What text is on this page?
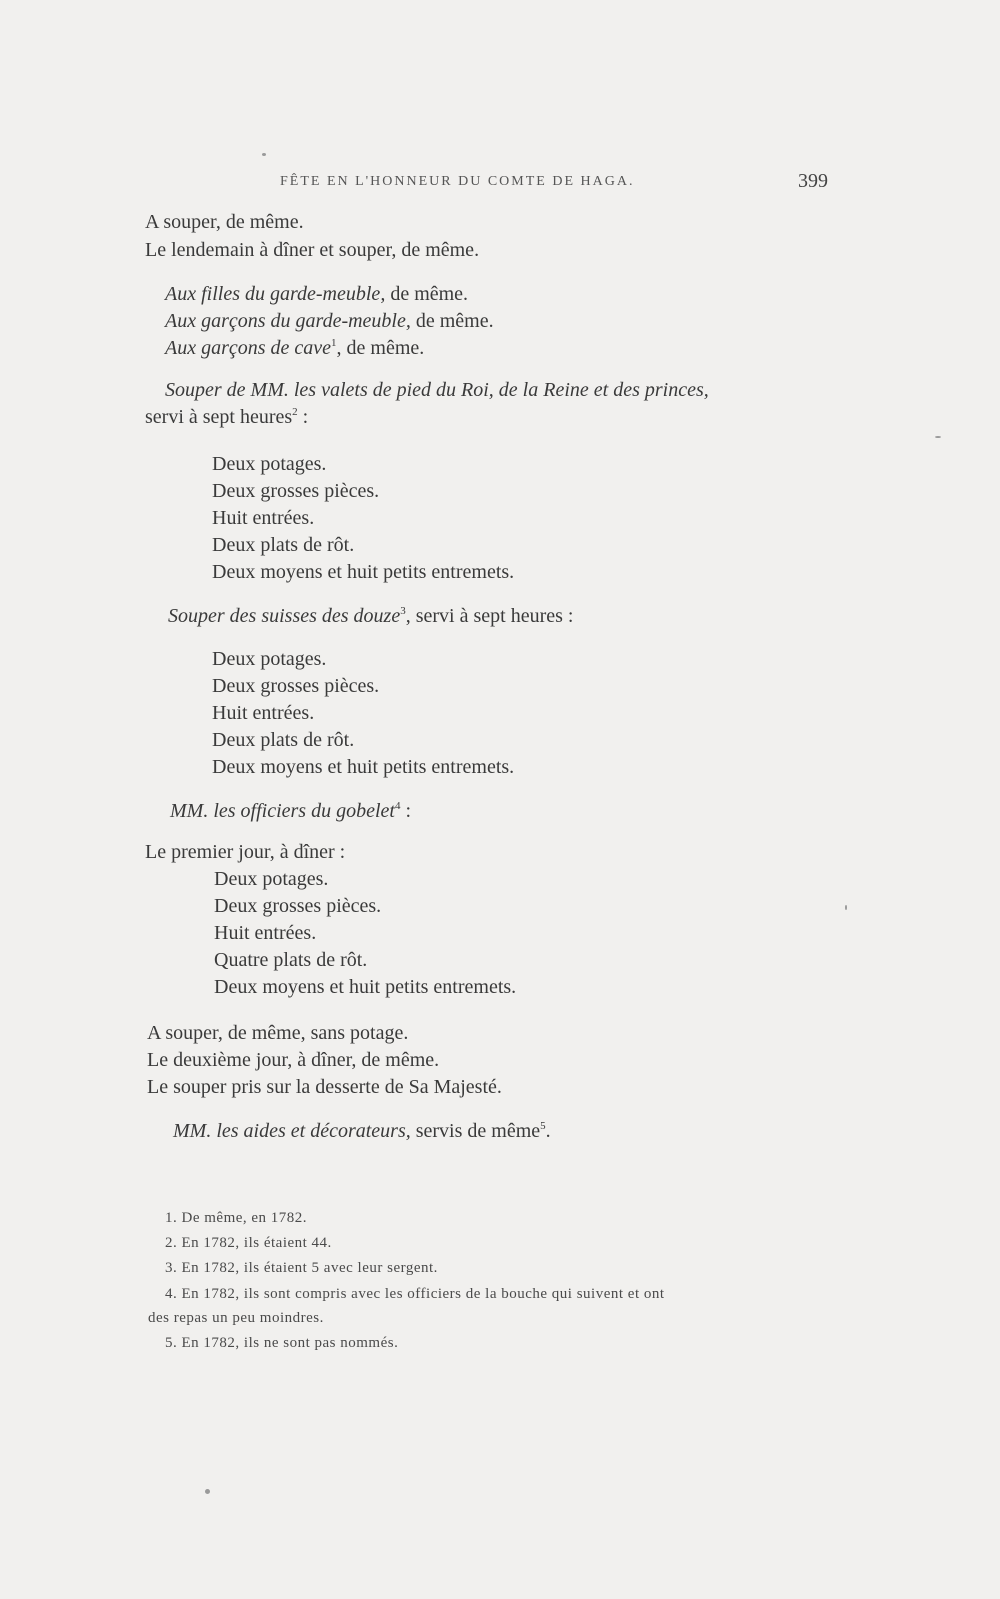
FÊTE EN L'HONNEUR DU COMTE DE HAGA.	399
A souper, de même.
Le lendemain à dîner et souper, de même.
Aux filles du garde-meuble, de même.
Aux garçons du garde-meuble, de même.
Aux garçons de cave$^1$, de même.
Souper de MM. les valets de pied du Roi, de la Reine et des princes,
servi à sept heures$^2$ :
Deux potages.
Deux grosses pièces.
Huit entrées.
Deux plats de rôt.
Deux moyens et huit petits entremets.
Souper des suisses des douze$^3$, servi à sept heures :
Deux potages.
Deux grosses pièces.
Huit entrées.
Deux plats de rôt.
Deux moyens et huit petits entremets.
MM. les officiers du gobelet$^4$ :
Le premier jour, à dîner :
Deux potages.
Deux grosses pièces.
Huit entrées.
Quatre plats de rôt.
Deux moyens et huit petits entremets.
A souper, de même, sans potage.
Le deuxième jour, à dîner, de même.
Le souper pris sur la desserte de Sa Majesté.
MM. les aides et décorateurs, servis de même$^5$.
1. De même, en 1782.
2. En 1782, ils étaient 44.
3. En 1782, ils étaient 5 avec leur sergent.
4. En 1782, ils sont compris avec les officiers de la bouche qui suivent et ont
des repas un peu moindres.
5. En 1782, ils ne sont pas nommés.
